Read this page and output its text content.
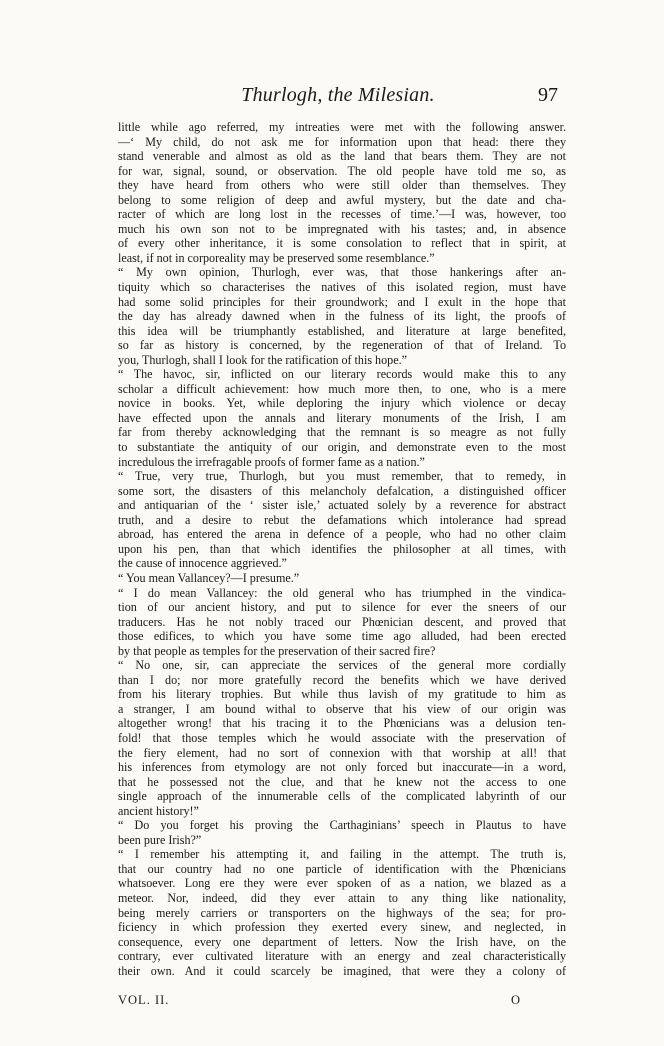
Thurlogh, the Milesian.	97
little while ago referred, my intreaties were met with the following answer.
—‘ My child, do not ask me for information upon that head: there they
stand venerable and almost as old as the land that bears them. They are not
for war, signal, sound, or observation. The old people have told me so, as
they have heard from others who were still older than themselves. They
belong to some religion of deep and awful mystery, but the date and cha-
racter of which are long lost in the recesses of time.’—I was, however, too
much his own son not to be impregnated with his tastes; and, in absence
of every other inheritance, it is some consolation to reflect that in spirit, at
least, if not in corporeality may be preserved some resemblance.”
“ My own opinion, Thurlogh, ever was, that those hankerings after an-
tiquity which so characterises the natives of this isolated region, must have
had some solid principles for their groundwork; and I exult in the hope that
the day has already dawned when in the fulness of its light, the proofs of
this idea will be triumphantly established, and literature at large benefited,
so far as history is concerned, by the regeneration of that of Ireland. To
you, Thurlogh, shall I look for the ratification of this hope.”
“ The havoc, sir, inflicted on our literary records would make this to any
scholar a difficult achievement: how much more then, to one, who is a mere
novice in books. Yet, while deploring the injury which violence or decay
have effected upon the annals and literary monuments of the Irish, I am
far from thereby acknowledging that the remnant is so meagre as not fully
to substantiate the antiquity of our origin, and demonstrate even to the most
incredulous the irrefragable proofs of former fame as a nation.”
“ True, very true, Thurlogh, but you must remember, that to remedy, in
some sort, the disasters of this melancholy defalcation, a distinguished officer
and antiquarian of the ‘ sister isle,’ actuated solely by a reverence for abstract
truth, and a desire to rebut the defamations which intolerance had spread
abroad, has entered the arena in defence of a people, who had no other claim
upon his pen, than that which identifies the philosopher at all times, with
the cause of innocence aggrieved.”
“ You mean Vallancey?—I presume.”
“ I do mean Vallancey: the old general who has triumphed in the vindica-
tion of our ancient history, and put to silence for ever the sneers of our
traducers. Has he not nobly traced our Phœnician descent, and proved that
those edifices, to which you have some time ago alluded, had been erected
by that people as temples for the preservation of their sacred fire?
“ No one, sir, can appreciate the services of the general more cordially
than I do; nor more gratefully record the benefits which we have derived
from his literary trophies. But while thus lavish of my gratitude to him as
a stranger, I am bound withal to observe that his view of our origin was
altogether wrong! that his tracing it to the Phœnicians was a delusion ten-
fold! that those temples which he would associate with the preservation of
the fiery element, had no sort of connexion with that worship at all! that
his inferences from etymology are not only forced but inaccurate—in a word,
that he possessed not the clue, and that he knew not the access to one
single approach of the innumerable cells of the complicated labyrinth of our
ancient history!”
“ Do you forget his proving the Carthaginians’ speech in Plautus to have
been pure Irish?”
“ I remember his attempting it, and failing in the attempt. The truth is,
that our country had no one particle of identification with the Phœnicians
whatsoever. Long ere they were ever spoken of as a nation, we blazed as a
meteor. Nor, indeed, did they ever attain to any thing like nationality,
being merely carriers or transporters on the highways of the sea; for pro-
ficiency in which profession they exerted every sinew, and neglected, in
consequence, every one department of letters. Now the Irish have, on the
contrary, ever cultivated literature with an energy and zeal characteristically
their own. And it could scarcely be imagined, that were they a colony of
VOL. II.	O
